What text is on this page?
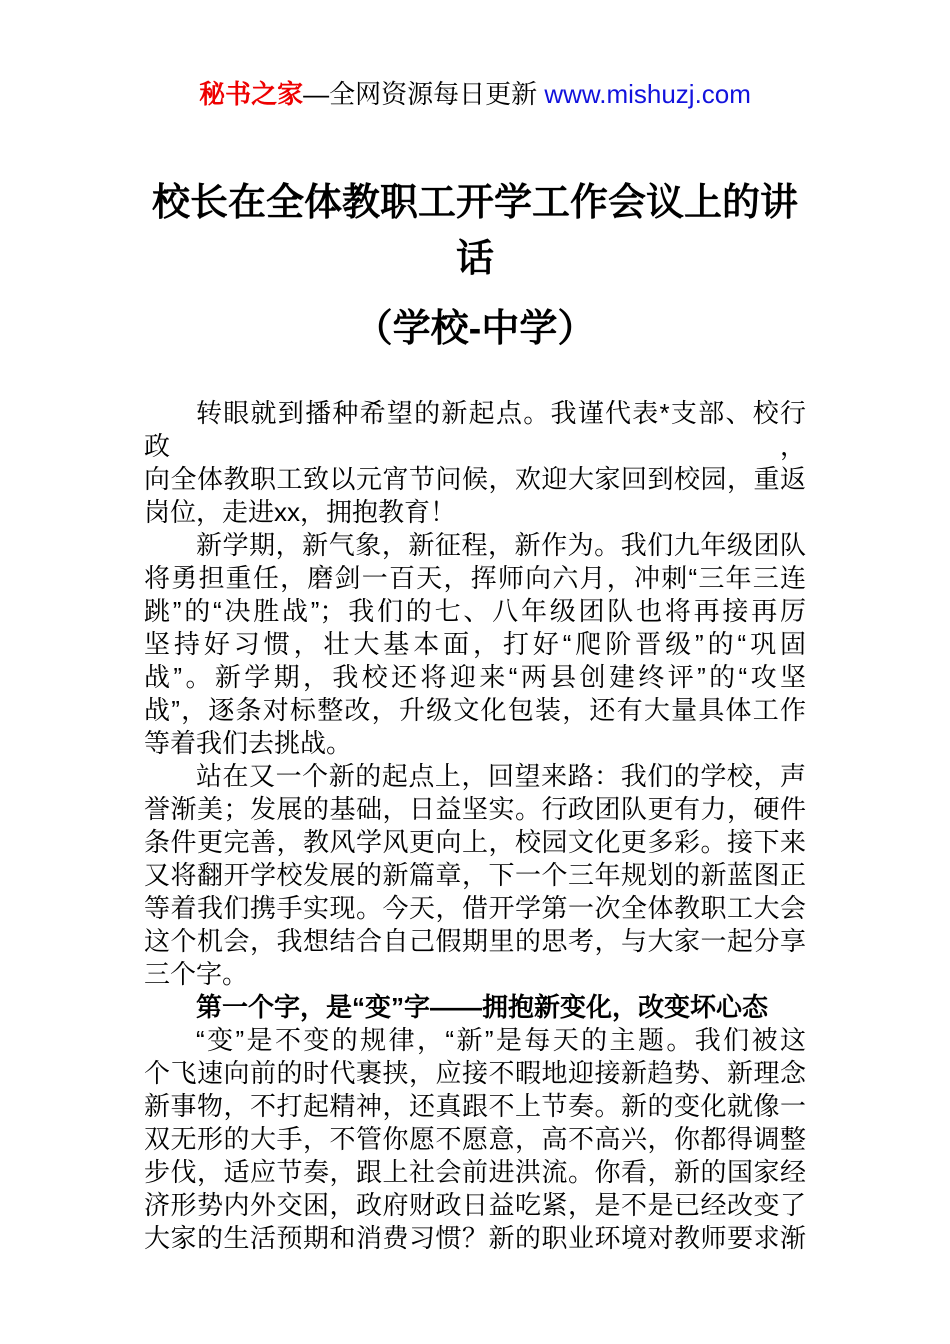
秘书之家—全网资源每日更新 www.mishuzj.com
校长在全体教职工开学工作会议上的讲话
（学校-中学）
转眼就到播种希望的新起点。我谨代表*支部、校行政，
向全体教职工致以元宵节问候，欢迎大家回到校园，重返
岗位，走进xx，拥抱教育！
新学期，新气象，新征程，新作为。我们九年级团队
将勇担重任，磨剑一百天，挥师向六月，冲刺“三年三连
跳”的“决胜战”；我们的七、八年级团队也将再接再厉
坚持好习惯，壮大基本面，打好“爬阶晋级”的“巩固
战”。新学期，我校还将迎来“两县创建终评”的“攻坚
战”，逐条对标整改，升级文化包装，还有大量具体工作
等着我们去挑战。
站在又一个新的起点上，回望来路：我们的学校，声
誉渐美；发展的基础，日益坚实。行政团队更有力，硬件
条件更完善，教风学风更向上，校园文化更多彩。接下来
又将翻开学校发展的新篇章，下一个三年规划的新蓝图正
等着我们携手实现。今天，借开学第一次全体教职工大会
这个机会，我想结合自己假期里的思考，与大家一起分享
三个字。
第一个字，是“变”字——拥抱新变化，改变坏心态
“变”是不变的规律，“新”是每天的主题。我们被这
个飞速向前的时代裹挟，应接不暇地迎接新趋势、新理念
新事物，不打起精神，还真跟不上节奏。新的变化就像一
双无形的大手，不管你愿不愿意，高不高兴，你都得调整
步伐，适应节奏，跟上社会前进洪流。你看，新的国家经
济形势内外交困，政府财政日益吃紧，是不是已经改变了
大家的生活预期和消费习惯？新的职业环境对教师要求渐
